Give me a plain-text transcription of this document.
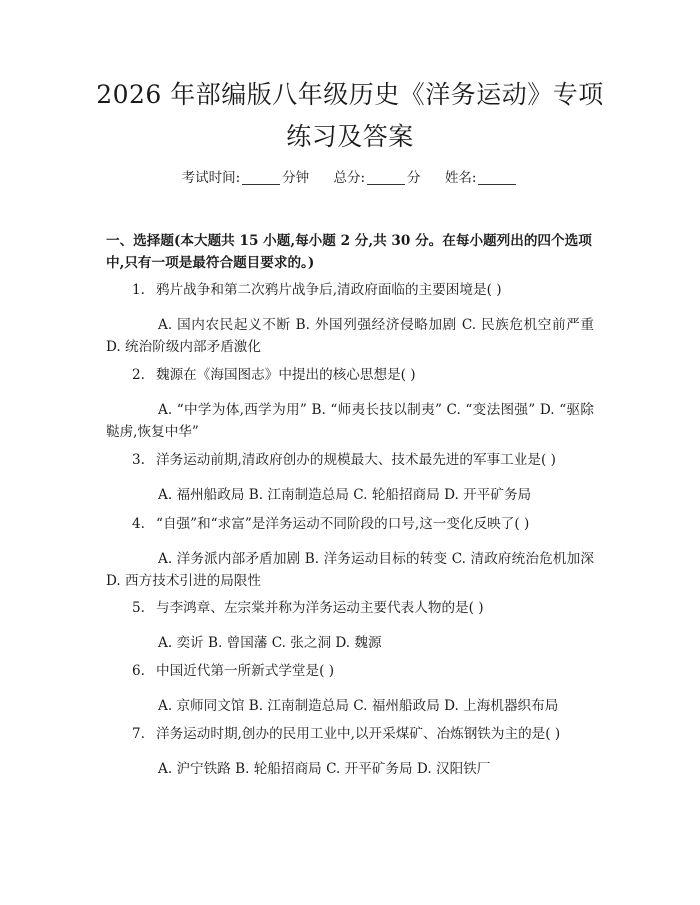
2026 年部编版八年级历史《洋务运动》专项
练习及答案
考试时间:	分钟 总分:	分 姓名:
一、选择题(本大题共 15 小题,每小题 2 分,共 30 分。在每小题列出的四个选项中,只有一项是最符合题目要求的。)
1. 鸦片战争和第二次鸦片战争后,清政府面临的主要困境是( )
A. 国内农民起义不断 B. 外国列强经济侵略加剧 C. 民族危机空前严重 D. 统治阶级内部矛盾激化
2. 魏源在《海国图志》中提出的核心思想是( )
A. “中学为体,西学为用” B. “师夷长技以制夷” C. “变法图强” D. “驱除鞑虏,恢复中华”
3. 洋务运动前期,清政府创办的规模最大、技术最先进的军事工业是( )
A. 福州船政局 B. 江南制造总局 C. 轮船招商局 D. 开平矿务局
4. “自强”和“求富”是洋务运动不同阶段的口号,这一变化反映了( )
A. 洋务派内部矛盾加剧 B. 洋务运动目标的转变 C. 清政府统治危机加深 D. 西方技术引进的局限性
5. 与李鸿章、左宗棠并称为洋务运动主要代表人物的是( )
A. 奕䜣 B. 曾国藩 C. 张之洞 D. 魏源
6. 中国近代第一所新式学堂是( )
A. 京师同文馆 B. 江南制造总局 C. 福州船政局 D. 上海机器织布局
7. 洋务运动时期,创办的民用工业中,以开采煤矿、冶炼钢铁为主的是( )
A. 沪宁铁路 B. 轮船招商局 C. 开平矿务局 D. 汉阳铁厂
